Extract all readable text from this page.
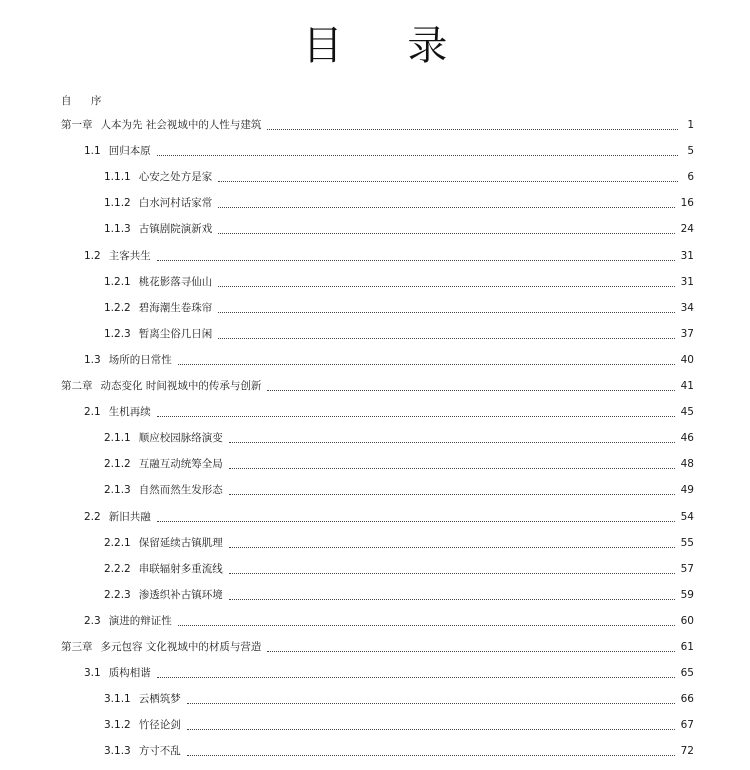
目 录
自 序
第一章 人本为先 社会视域中的人性与建筑	1
1.1 回归本原	5
1.1.1 心安之处方是家	6
1.1.2 白水河村话家常	16
1.1.3 古镇剧院演新戏	24
1.2 主客共生	31
1.2.1 桃花影落寻仙山	31
1.2.2 碧海潮生卷珠帘	34
1.2.3 暂离尘俗几日闲	37
1.3 场所的日常性	40
第二章 动态变化 时间视域中的传承与创新	41
2.1 生机再续	45
2.1.1 顺应校园脉络演变	46
2.1.2 互融互动统筹全局	48
2.1.3 自然而然生发形态	49
2.2 新旧共融	54
2.2.1 保留延续古镇肌理	55
2.2.2 串联辐射多重流线	57
2.2.3 渗透织补古镇环境	59
2.3 演进的辩证性	60
第三章 多元包容 文化视域中的材质与营造	61
3.1 质构相谐	65
3.1.1 云栖筑梦	66
3.1.2 竹径论剑	67
3.1.3 方寸不乱	72
